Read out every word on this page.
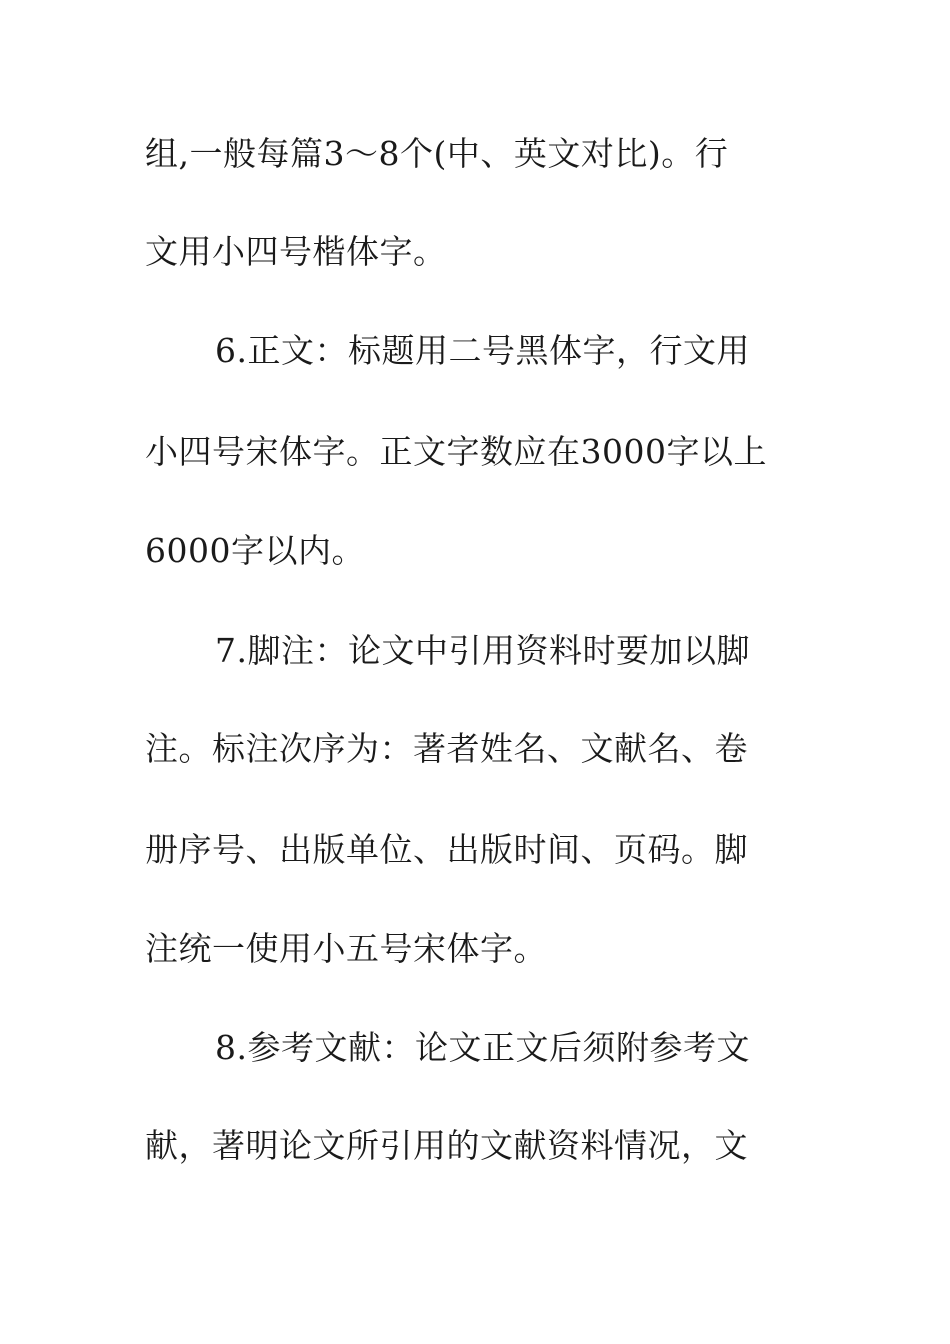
组,一般每篇3～8个(中、英文对比)。行
文用小四号楷体字。
6.正文：标题用二号黑体字，行文用
小四号宋体字。正文字数应在3000字以上
6000字以内。
7.脚注：论文中引用资料时要加以脚
注。标注次序为：著者姓名、文献名、卷
册序号、出版单位、出版时间、页码。脚
注统一使用小五号宋体字。
8.参考文献：论文正文后须附参考文
献，著明论文所引用的文献资料情况，文
